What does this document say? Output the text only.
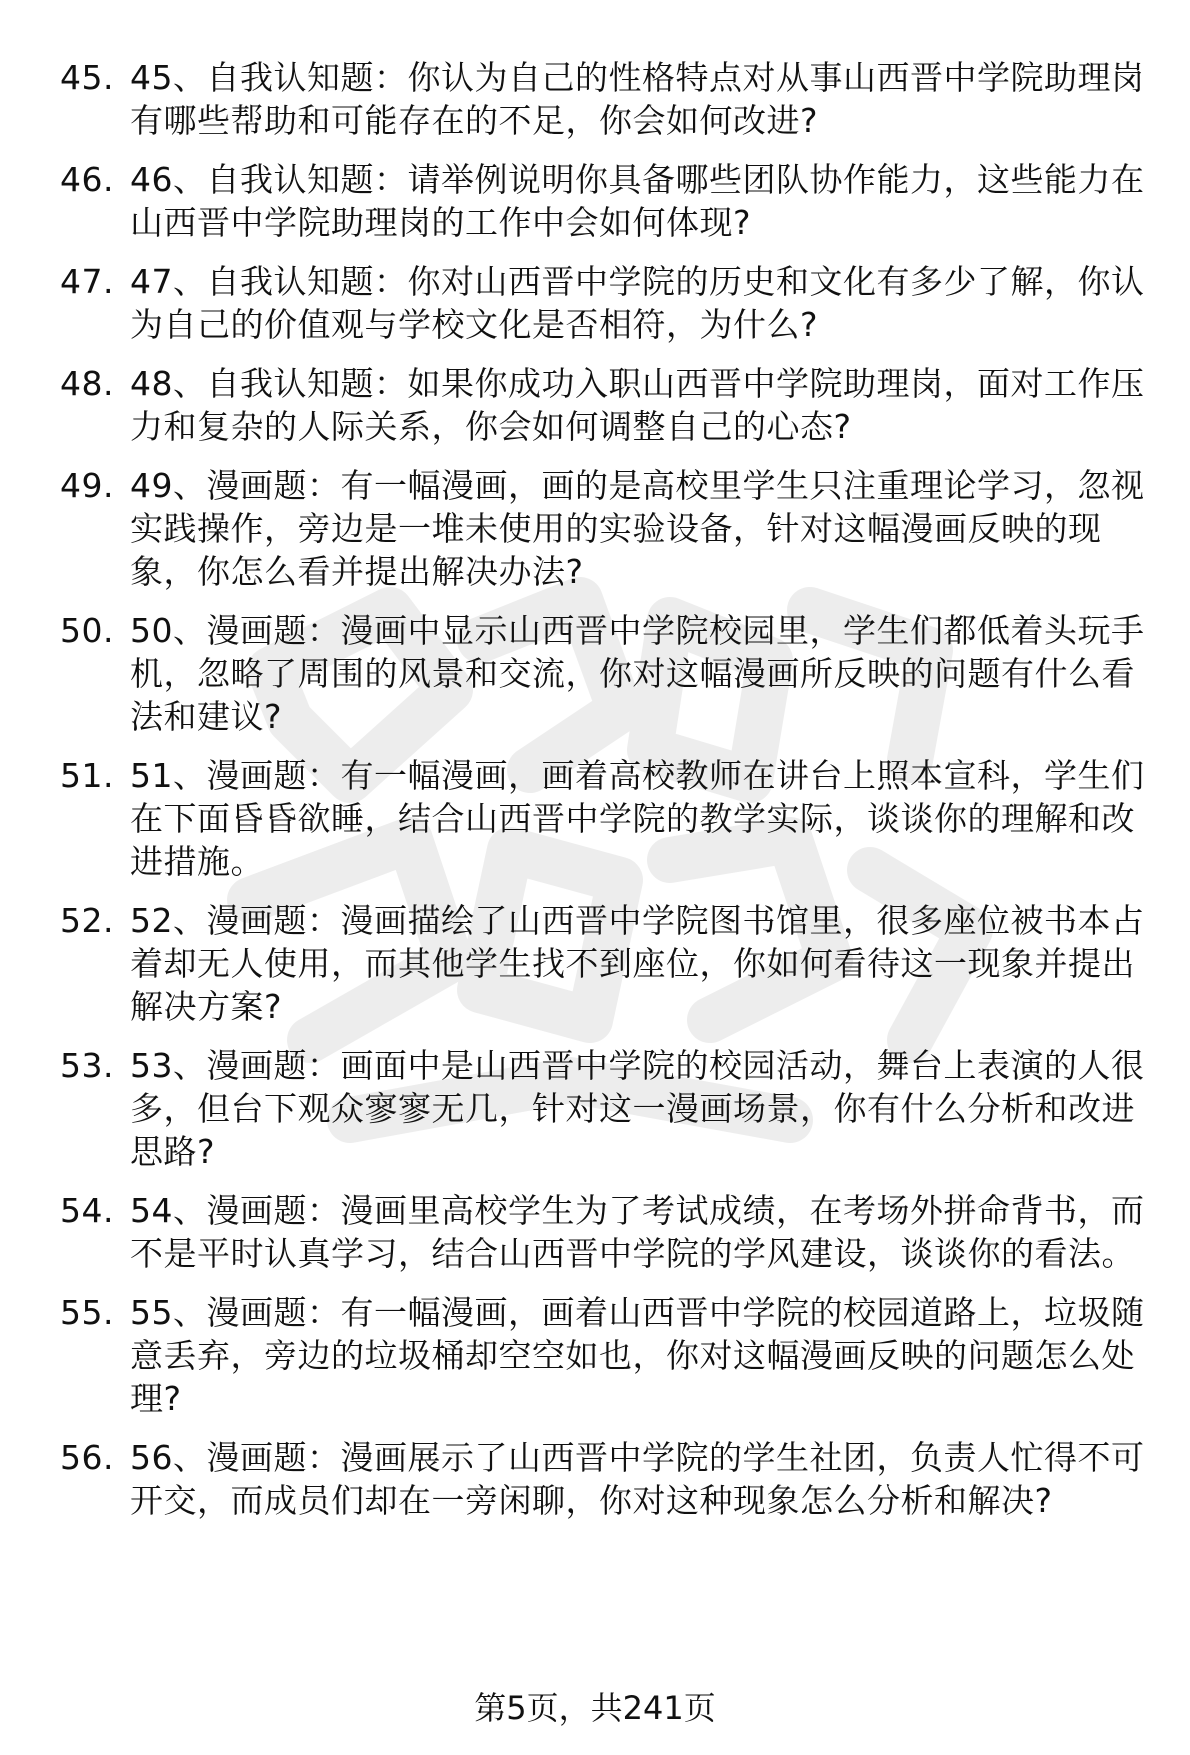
45. 45、自我认知题：你认为自己的性格特点对从事山西晋中学院助理岗有哪些帮助和可能存在的不足，你会如何改进?
46. 46、自我认知题：请举例说明你具备哪些团队协作能力，这些能力在山西晋中学院助理岗的工作中会如何体现?
47. 47、自我认知题：你对山西晋中学院的历史和文化有多少了解，你认为自己的价值观与学校文化是否相符，为什么?
48. 48、自我认知题：如果你成功入职山西晋中学院助理岗，面对工作压力和复杂的人际关系，你会如何调整自己的心态?
49. 49、漫画题：有一幅漫画，画的是高校里学生只注重理论学习，忽视实践操作，旁边是一堆未使用的实验设备，针对这幅漫画反映的现象，你怎么看并提出解决办法?
50. 50、漫画题：漫画中显示山西晋中学院校园里，学生们都低着头玩手机，忽略了周围的风景和交流，你对这幅漫画所反映的问题有什么看法和建议?
51. 51、漫画题：有一幅漫画，画着高校教师在讲台上照本宣科，学生们在下面昏昏欲睡，结合山西晋中学院的教学实际，谈谈你的理解和改进措施。
52. 52、漫画题：漫画描绘了山西晋中学院图书馆里，很多座位被书本占着却无人使用，而其他学生找不到座位，你如何看待这一现象并提出解决方案?
53. 53、漫画题：画面中是山西晋中学院的校园活动，舞台上表演的人很多，但台下观众寥寥无几，针对这一漫画场景，你有什么分析和改进思路?
54. 54、漫画题：漫画里高校学生为了考试成绩，在考场外拼命背书，而不是平时认真学习，结合山西晋中学院的学风建设，谈谈你的看法。
55. 55、漫画题：有一幅漫画，画着山西晋中学院的校园道路上，垃圾随意丢弃，旁边的垃圾桶却空空如也，你对这幅漫画反映的问题怎么处理?
56. 56、漫画题：漫画展示了山西晋中学院的学生社团，负责人忙得不可开交，而成员们却在一旁闲聊，你对这种现象怎么分析和解决?
第5页，共241页
